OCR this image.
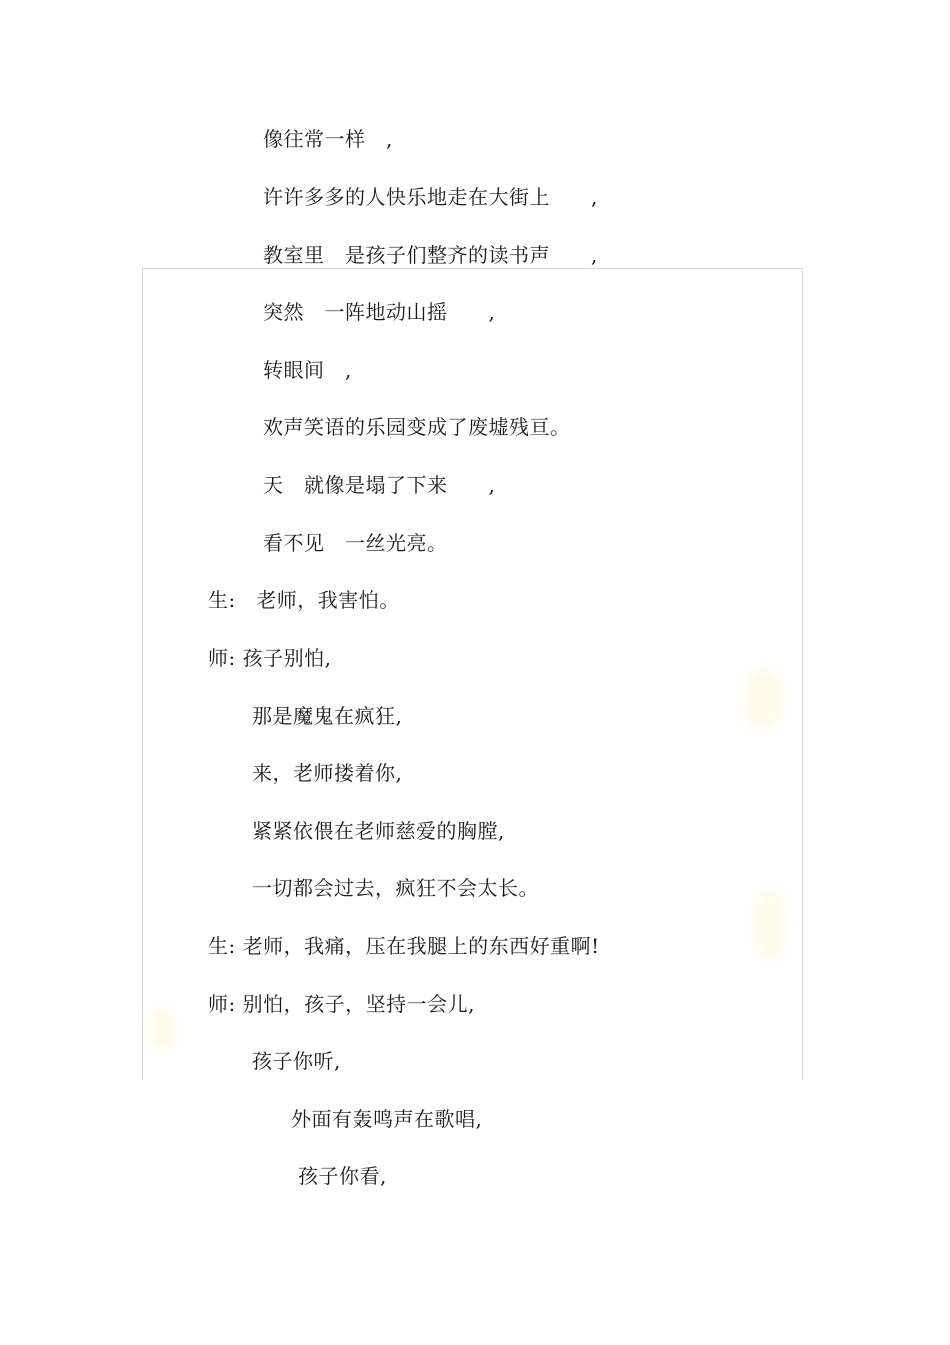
像往常一样　,
许许多多的人快乐地走在大街上　　,
教室里　是孩子们整齐的读书声　　,
突然　一阵地动山摇　　,
转眼间　,
欢声笑语的乐园变成了废墟残亘。
天　就像是塌了下来　　,
看不见　一丝光亮。
生:　老师，我害怕。
师: 孩子别怕,
那是魔鬼在疯狂,
来，老师搂着你,
紧紧依偎在老师慈爱的胸膛,
一切都会过去，疯狂不会太长。
生: 老师，我痛，压在我腿上的东西好重啊!
师: 别怕，孩子，坚持一会儿,
孩子你听,
外面有轰鸣声在歌唱,
孩子你看,
